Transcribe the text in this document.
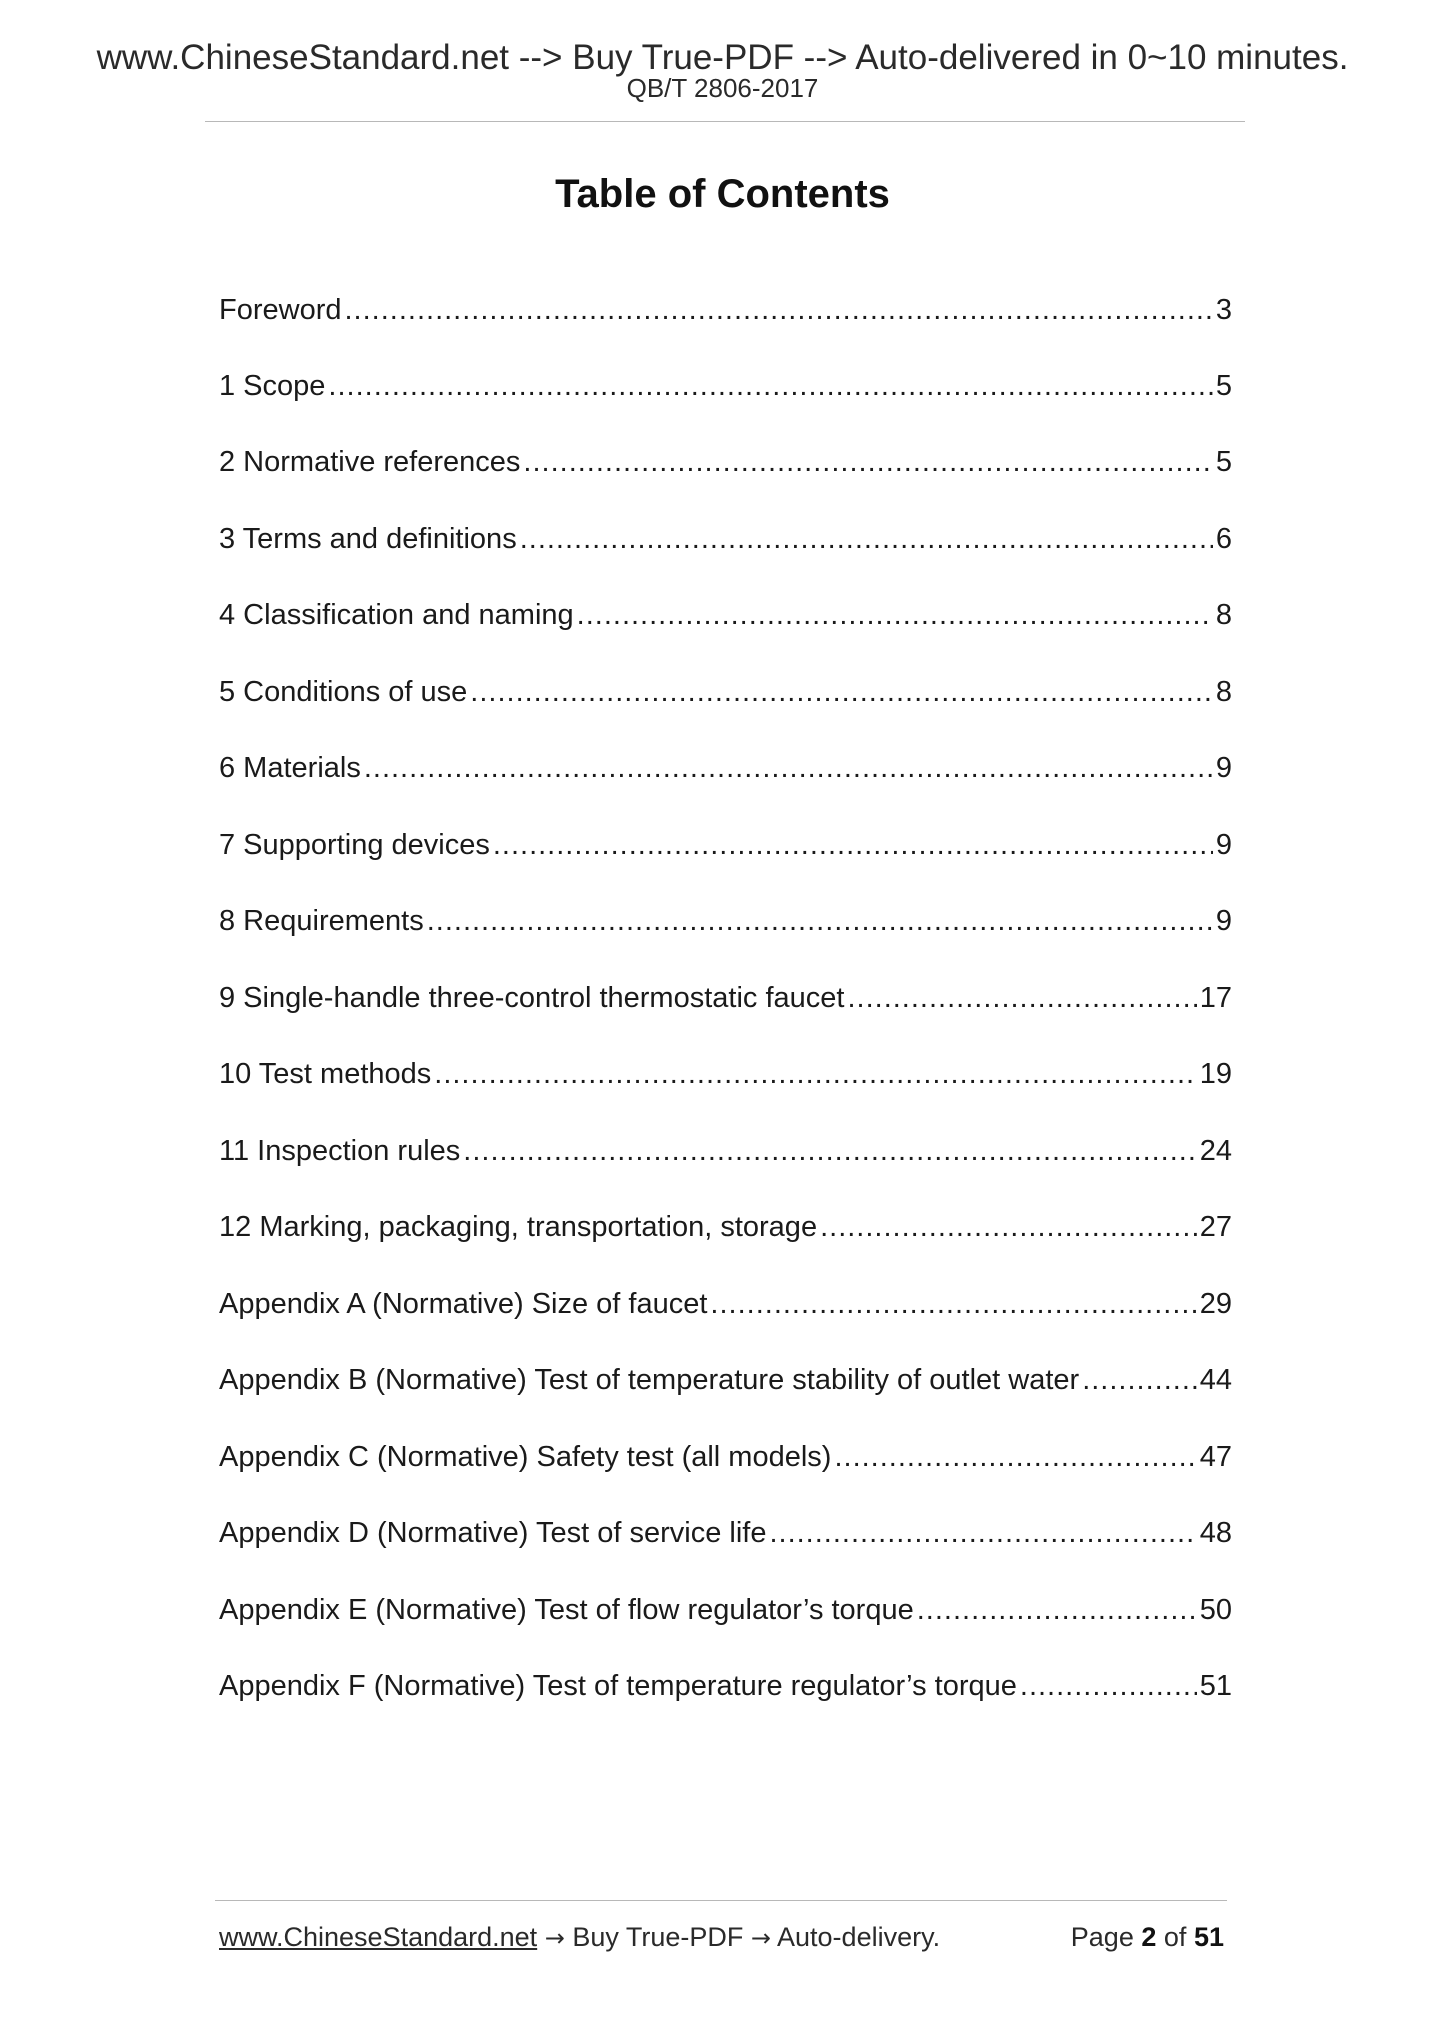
www.ChineseStandard.net --> Buy True-PDF --> Auto-delivered in 0~10 minutes.
QB/T 2806-2017
Table of Contents
Foreword .....	3
1 Scope .....	5
2 Normative references .....	5
3 Terms and definitions .....	6
4 Classification and naming .....	8
5 Conditions of use .....	8
6 Materials .....	9
7 Supporting devices .....	9
8 Requirements .....	9
9 Single-handle three-control thermostatic faucet .....	17
10 Test methods .....	19
11 Inspection rules .....	24
12 Marking, packaging, transportation, storage .....	27
Appendix A (Normative) Size of faucet .....	29
Appendix B (Normative) Test of temperature stability of outlet water .....	44
Appendix C (Normative) Safety test (all models) .....	47
Appendix D (Normative) Test of service life .....	48
Appendix E (Normative) Test of flow regulator’s torque .....	50
Appendix F (Normative) Test of temperature regulator’s torque .....	51
www.ChineseStandard.net → Buy True-PDF → Auto-delivery.	Page 2 of 51
